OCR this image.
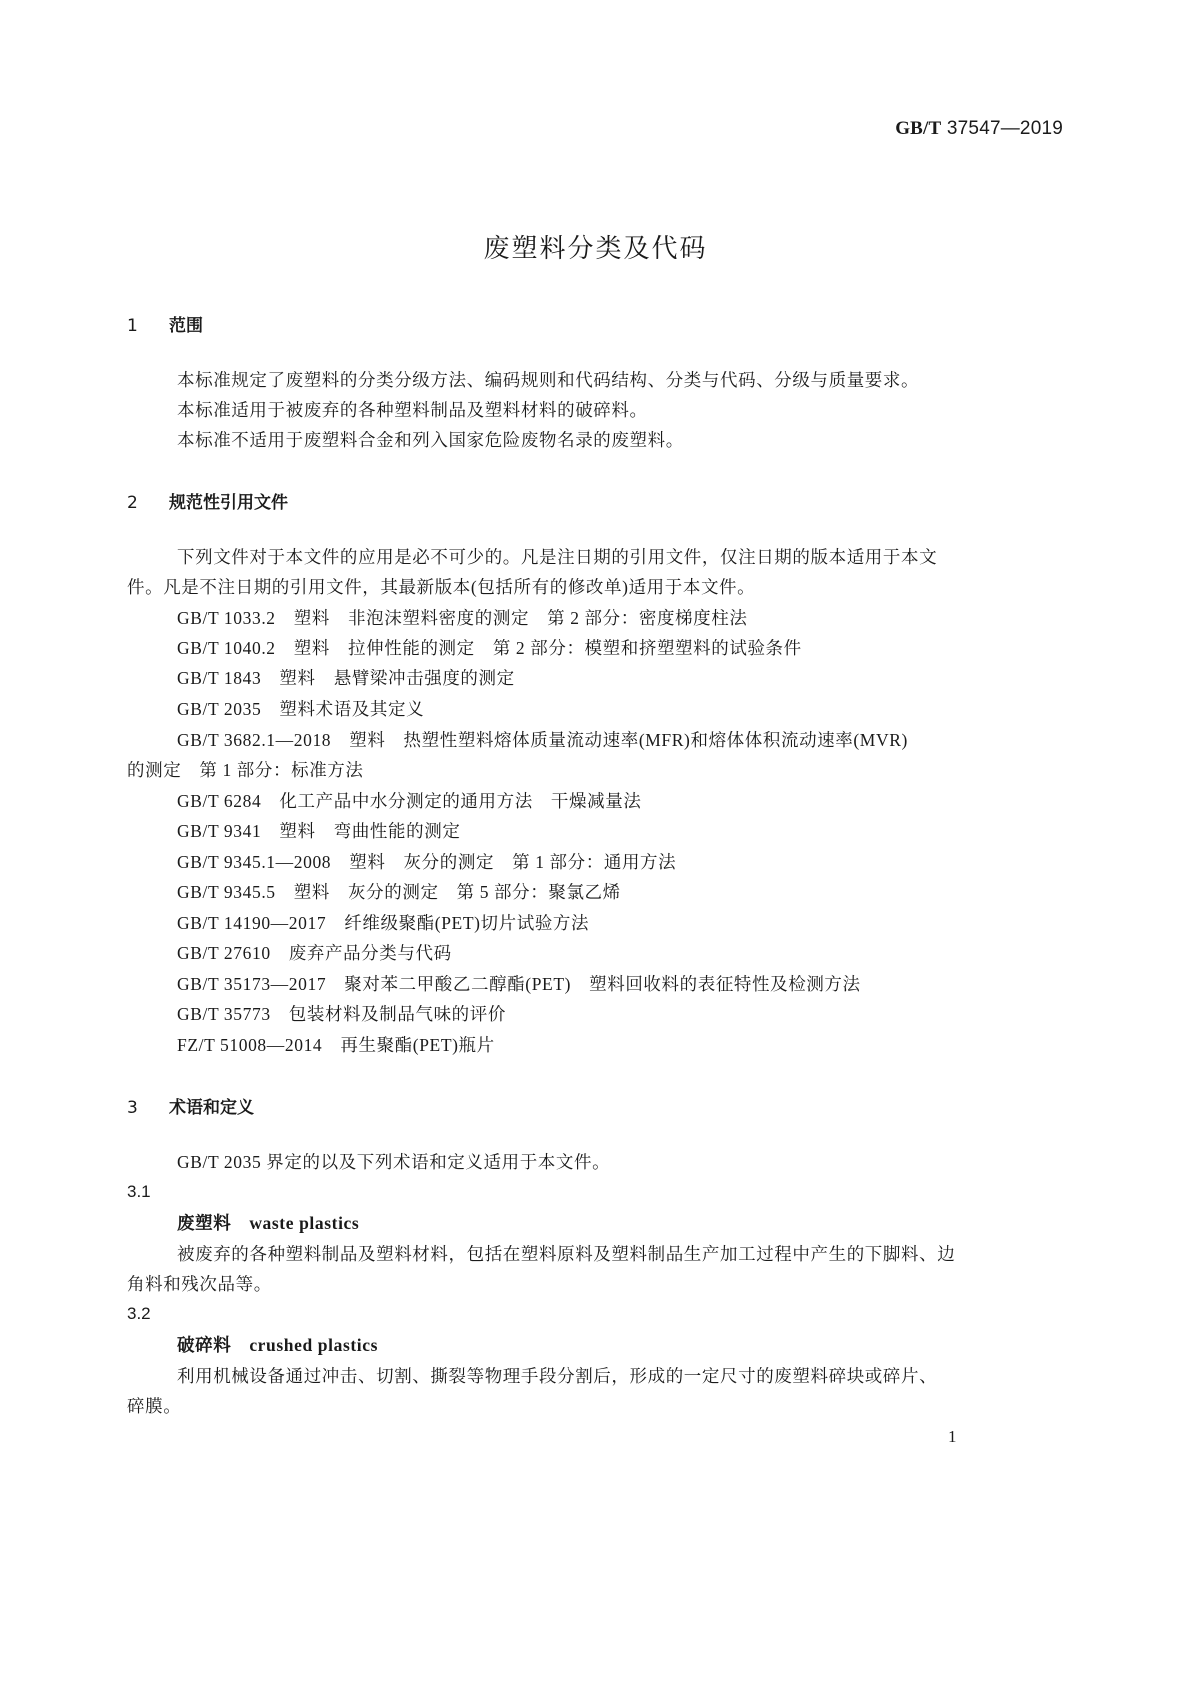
GB/T 37547—2019
废塑料分类及代码
1 范围
本标准规定了废塑料的分类分级方法、编码规则和代码结构、分类与代码、分级与质量要求。
本标准适用于被废弃的各种塑料制品及塑料材料的破碎料。
本标准不适用于废塑料合金和列入国家危险废物名录的废塑料。
2 规范性引用文件
下列文件对于本文件的应用是必不可少的。凡是注日期的引用文件，仅注日期的版本适用于本文
件。凡是不注日期的引用文件，其最新版本(包括所有的修改单)适用于本文件。
GB/T 1033.2　塑料　非泡沫塑料密度的测定　第 2 部分：密度梯度柱法
GB/T 1040.2　塑料　拉伸性能的测定　第 2 部分：模塑和挤塑塑料的试验条件
GB/T 1843　塑料　悬臂梁冲击强度的测定
GB/T 2035　塑料术语及其定义
GB/T 3682.1—2018　塑料　热塑性塑料熔体质量流动速率(MFR)和熔体体积流动速率(MVR)
的测定　第 1 部分：标准方法
GB/T 6284　化工产品中水分测定的通用方法　干燥减量法
GB/T 9341　塑料　弯曲性能的测定
GB/T 9345.1—2008　塑料　灰分的测定　第 1 部分：通用方法
GB/T 9345.5　塑料　灰分的测定　第 5 部分：聚氯乙烯
GB/T 14190—2017　纤维级聚酯(PET)切片试验方法
GB/T 27610　废弃产品分类与代码
GB/T 35173—2017　聚对苯二甲酸乙二醇酯(PET)　塑料回收料的表征特性及检测方法
GB/T 35773　包装材料及制品气味的评价
FZ/T 51008—2014　再生聚酯(PET)瓶片
3 术语和定义
GB/T 2035 界定的以及下列术语和定义适用于本文件。
3.1
废塑料 waste plastics
被废弃的各种塑料制品及塑料材料，包括在塑料原料及塑料制品生产加工过程中产生的下脚料、边
角料和残次品等。
3.2
破碎料 crushed plastics
利用机械设备通过冲击、切割、撕裂等物理手段分割后，形成的一定尺寸的废塑料碎块或碎片、
碎膜。
1
